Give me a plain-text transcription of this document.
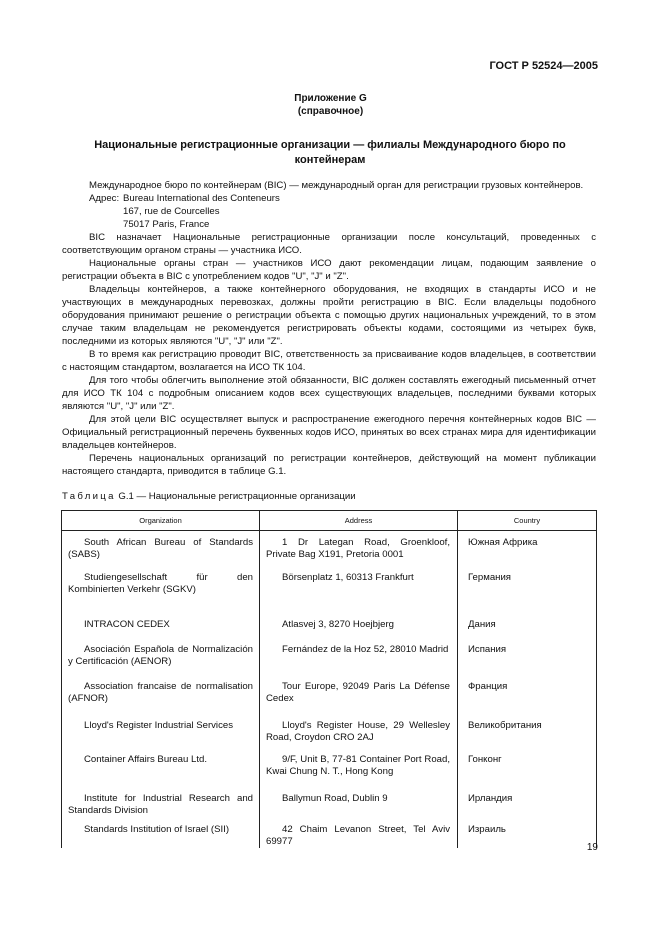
ГОСТ Р 52524—2005
Приложение G
(справочное)
Национальные регистрационные организации — филиалы Международного бюро по контейнерам

Международное бюро по контейнерам (BIC) — международный орган для регистрации грузовых контейнеров.

Адрес: Bureau International des Conteneurs
167, rue de Courcelles
75017 Paris, France

BIC назначает Национальные регистрационные организации после консультаций, проведенных с соответствующим органом страны — участника ИСО.

Национальные органы стран — участников ИСО дают рекомендации лицам, подающим заявление о регистрации объекта в BIC с употреблением кодов "U", "J" и "Z".

Владельцы контейнеров, а также контейнерного оборудования, не входящих в стандарты ИСО и не участвующих в международных перевозках, должны пройти регистрацию в BIC. Если владельцы подобного оборудования принимают решение о регистрации объекта с помощью других национальных учреждений, то в этом случае таким владельцам не рекомендуется регистрировать объекты кодами, состоящими из четырех букв, последними из которых являются "U", "J" или "Z".

В то время как регистрацию проводит BIC, ответственность за присваивание кодов владельцев, в соответствии с настоящим стандартом, возлагается на ИСО ТК 104.

Для того чтобы облегчить выполнение этой обязанности, BIC должен составлять ежегодный письменный отчет для ИСО ТК 104 с подробным описанием кодов всех существующих владельцев, последними буквами которых являются "U", "J" или "Z".

Для этой цели BIC осуществляет выпуск и распространение ежегодного перечня контейнерных кодов BIC — Официальный регистрационный перечень буквенных кодов ИСО, принятых во всех странах мира для идентификации владельцев контейнеров.

Перечень национальных организаций по регистрации контейнеров, действующий на момент публикации настоящего стандарта, приводится в таблице G.1.

Таблица G.1 — Национальные регистрационные организации
Organization	Address	Country

South African Bureau of Standards (SABS)	1 Dr Lategan Road, Groenkloof, Private Bag X191, Pretoria 0001	Южная Африка

Studiengesellschaft für den Kombinierten Verkehr (SGKV)	Börsenplatz 1, 60313 Frankfurt	Германия

INTRACON CEDEX	Atlasvej 3, 8270 Hoejbjerg	Дания

Asociación Española de Normalización y Certificación (AENOR)	Fernández de la Hoz 52, 28010 Madrid	Испания

Association francaise de normalisation (AFNOR)	Tour Europe, 92049 Paris La Défense Cedex	Франция

Lloyd's Register Industrial Services	Lloyd's Register House, 29 Wellesley Road, Croydon CRO 2AJ	Великобритания

Container Affairs Bureau Ltd.	9/F, Unit B, 77-81 Container Port Road, Kwai Chung N. T., Hong Kong	Гонконг

Institute for Industrial Research and Standards Division	Ballymun Road, Dublin 9	Ирландия

Standards Institution of Israel (SII)	42 Chaim Levanon Street, Tel Aviv 69977	Израиль
19
